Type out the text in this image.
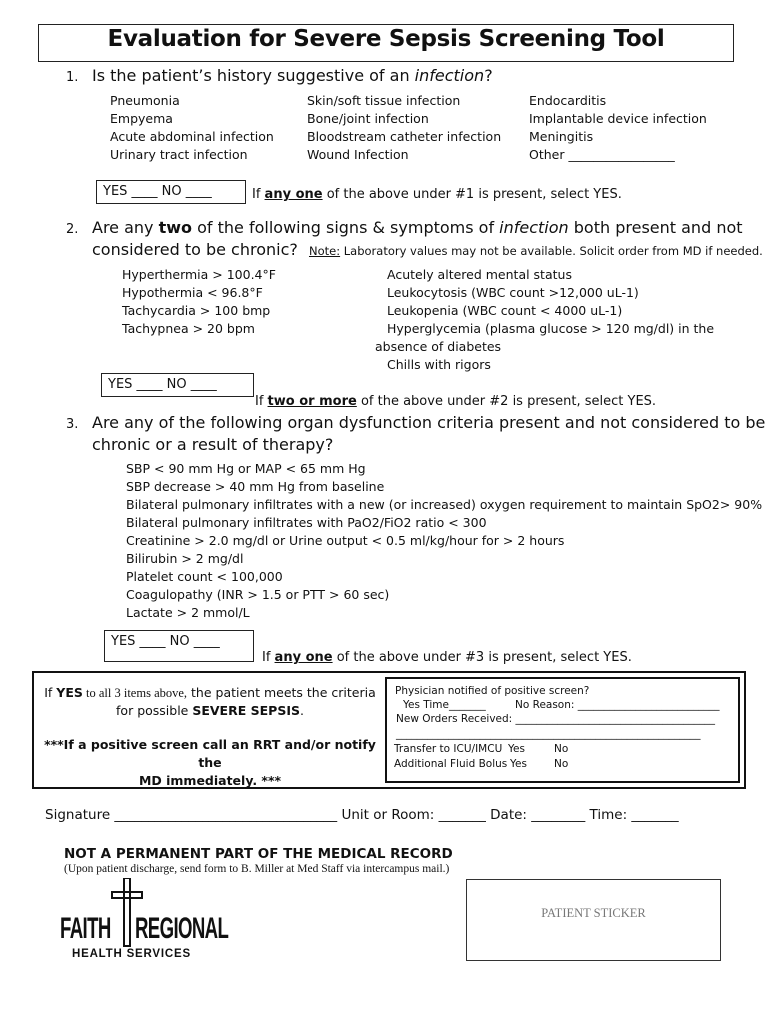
Evaluation for Severe Sepsis Screening Tool
1. Is the patient’s history suggestive of an infection?
Pneumonia
Empyema
Acute abdominal infection
Urinary tract infection
Skin/soft tissue infection
Bone/joint infection
Bloodstream catheter infection
Wound Infection
Endocarditis
Implantable device infection
Meningitis
Other _________________
YES ____ NO ____	If any one of the above under #1 is present, select YES.
2. Are any two of the following signs & symptoms of infection both present and not
considered to be chronic? Note: Laboratory values may not be available. Solicit order from MD if needed.
Hyperthermia > 100.4°F
Hypothermia < 96.8°F
Tachycardia > 100 bmp
Tachypnea > 20 bpm
Acutely altered mental status
Leukocytosis (WBC count >12,000 uL-1)
Leukopenia (WBC count < 4000 uL-1)
Hyperglycemia (plasma glucose > 120 mg/dl) in the
absence of diabetes
Chills with rigors
YES ____ NO ____
If two or more of the above under #2 is present, select YES.
3. Are any of the following organ dysfunction criteria present and not considered to be
chronic or a result of therapy?
SBP < 90 mm Hg or MAP < 65 mm Hg
SBP decrease > 40 mm Hg from baseline
Bilateral pulmonary infiltrates with a new (or increased) oxygen requirement to maintain SpO2> 90%
Bilateral pulmonary infiltrates with PaO2/FiO2 ratio < 300
Creatinine > 2.0 mg/dl or Urine output < 0.5 ml/kg/hour for > 2 hours
Bilirubin > 2 mg/dl
Platelet count < 100,000
Coagulopathy (INR > 1.5 or PTT > 60 sec)
Lactate > 2 mmol/L
YES ____ NO ____
If any one of the above under #3 is present, select YES.
If YES to all 3 items above, the patient meets the criteria
for possible SEVERE SEPSIS.
***If a positive screen call an RRT and/or notify the
MD immediately. ***
Physician notified of positive screen?
Yes Time_______	No Reason: ___________________________
New Orders Received: ______________________________________
__________________________________________________________
Transfer to ICU/IMCU Yes	No
Additional Fluid Bolus Yes	No
Signature _________________________________ Unit or Room: _______ Date: ________ Time: _______
NOT A PERMANENT PART OF THE MEDICAL RECORD
(Upon patient discharge, send form to B. Miller at Med Staff via intercampus mail.)
PATIENT STICKER
FAITH REGIONAL
HEALTH SERVICES
